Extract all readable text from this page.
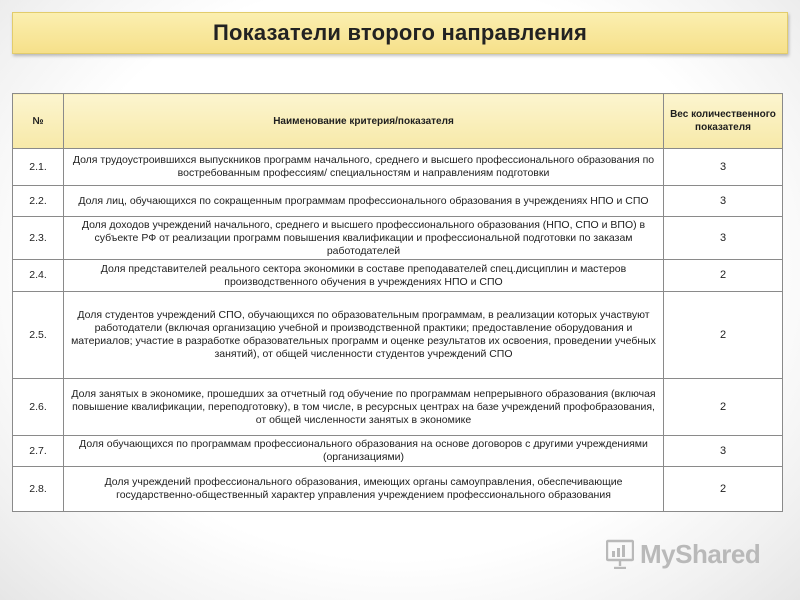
Показатели второго направления
№	Наименование критерия/показателя	Вес количественного показателя
2.1.	Доля трудоустроившихся выпускников программ начального, среднего и высшего профессионального образования по востребованным профессиям/ специальностям и направлениям подготовки	3
2.2.	Доля лиц, обучающихся по сокращенным программам профессионального образования в учреждениях НПО и СПО	3
2.3.	Доля доходов учреждений начального, среднего и высшего профессионального образования (НПО, СПО и ВПО) в субъекте РФ от реализации программ повышения квалификации и профессиональной подготовки по заказам работодателей	3
2.4.	Доля представителей реального сектора экономики в составе преподавателей спец.дисциплин и мастеров производственного обучения в учреждениях НПО и СПО	2
2.5.	Доля студентов учреждений СПО, обучающихся по образовательным программам, в реализации которых участвуют работодатели (включая организацию учебной и производственной практики; предоставление оборудования и материалов; участие в разработке образовательных программ и оценке результатов их освоения, проведении учебных занятий), от общей численности студентов учреждений СПО	2
2.6.	Доля занятых в экономике, прошедших за отчетный год обучение по программам непрерывного образования (включая повышение квалификации, переподготовку), в том числе, в ресурсных центрах на базе учреждений профобразования, от общей численности занятых в экономике	2
2.7.	Доля обучающихся по программам профессионального образования на основе договоров с другими учреждениями (организациями)	3
2.8.	Доля учреждений профессионального образования, имеющих органы самоуправления, обеспечивающие государственно-общественный характер управления учреждением профессионального образования	2
MyShared
